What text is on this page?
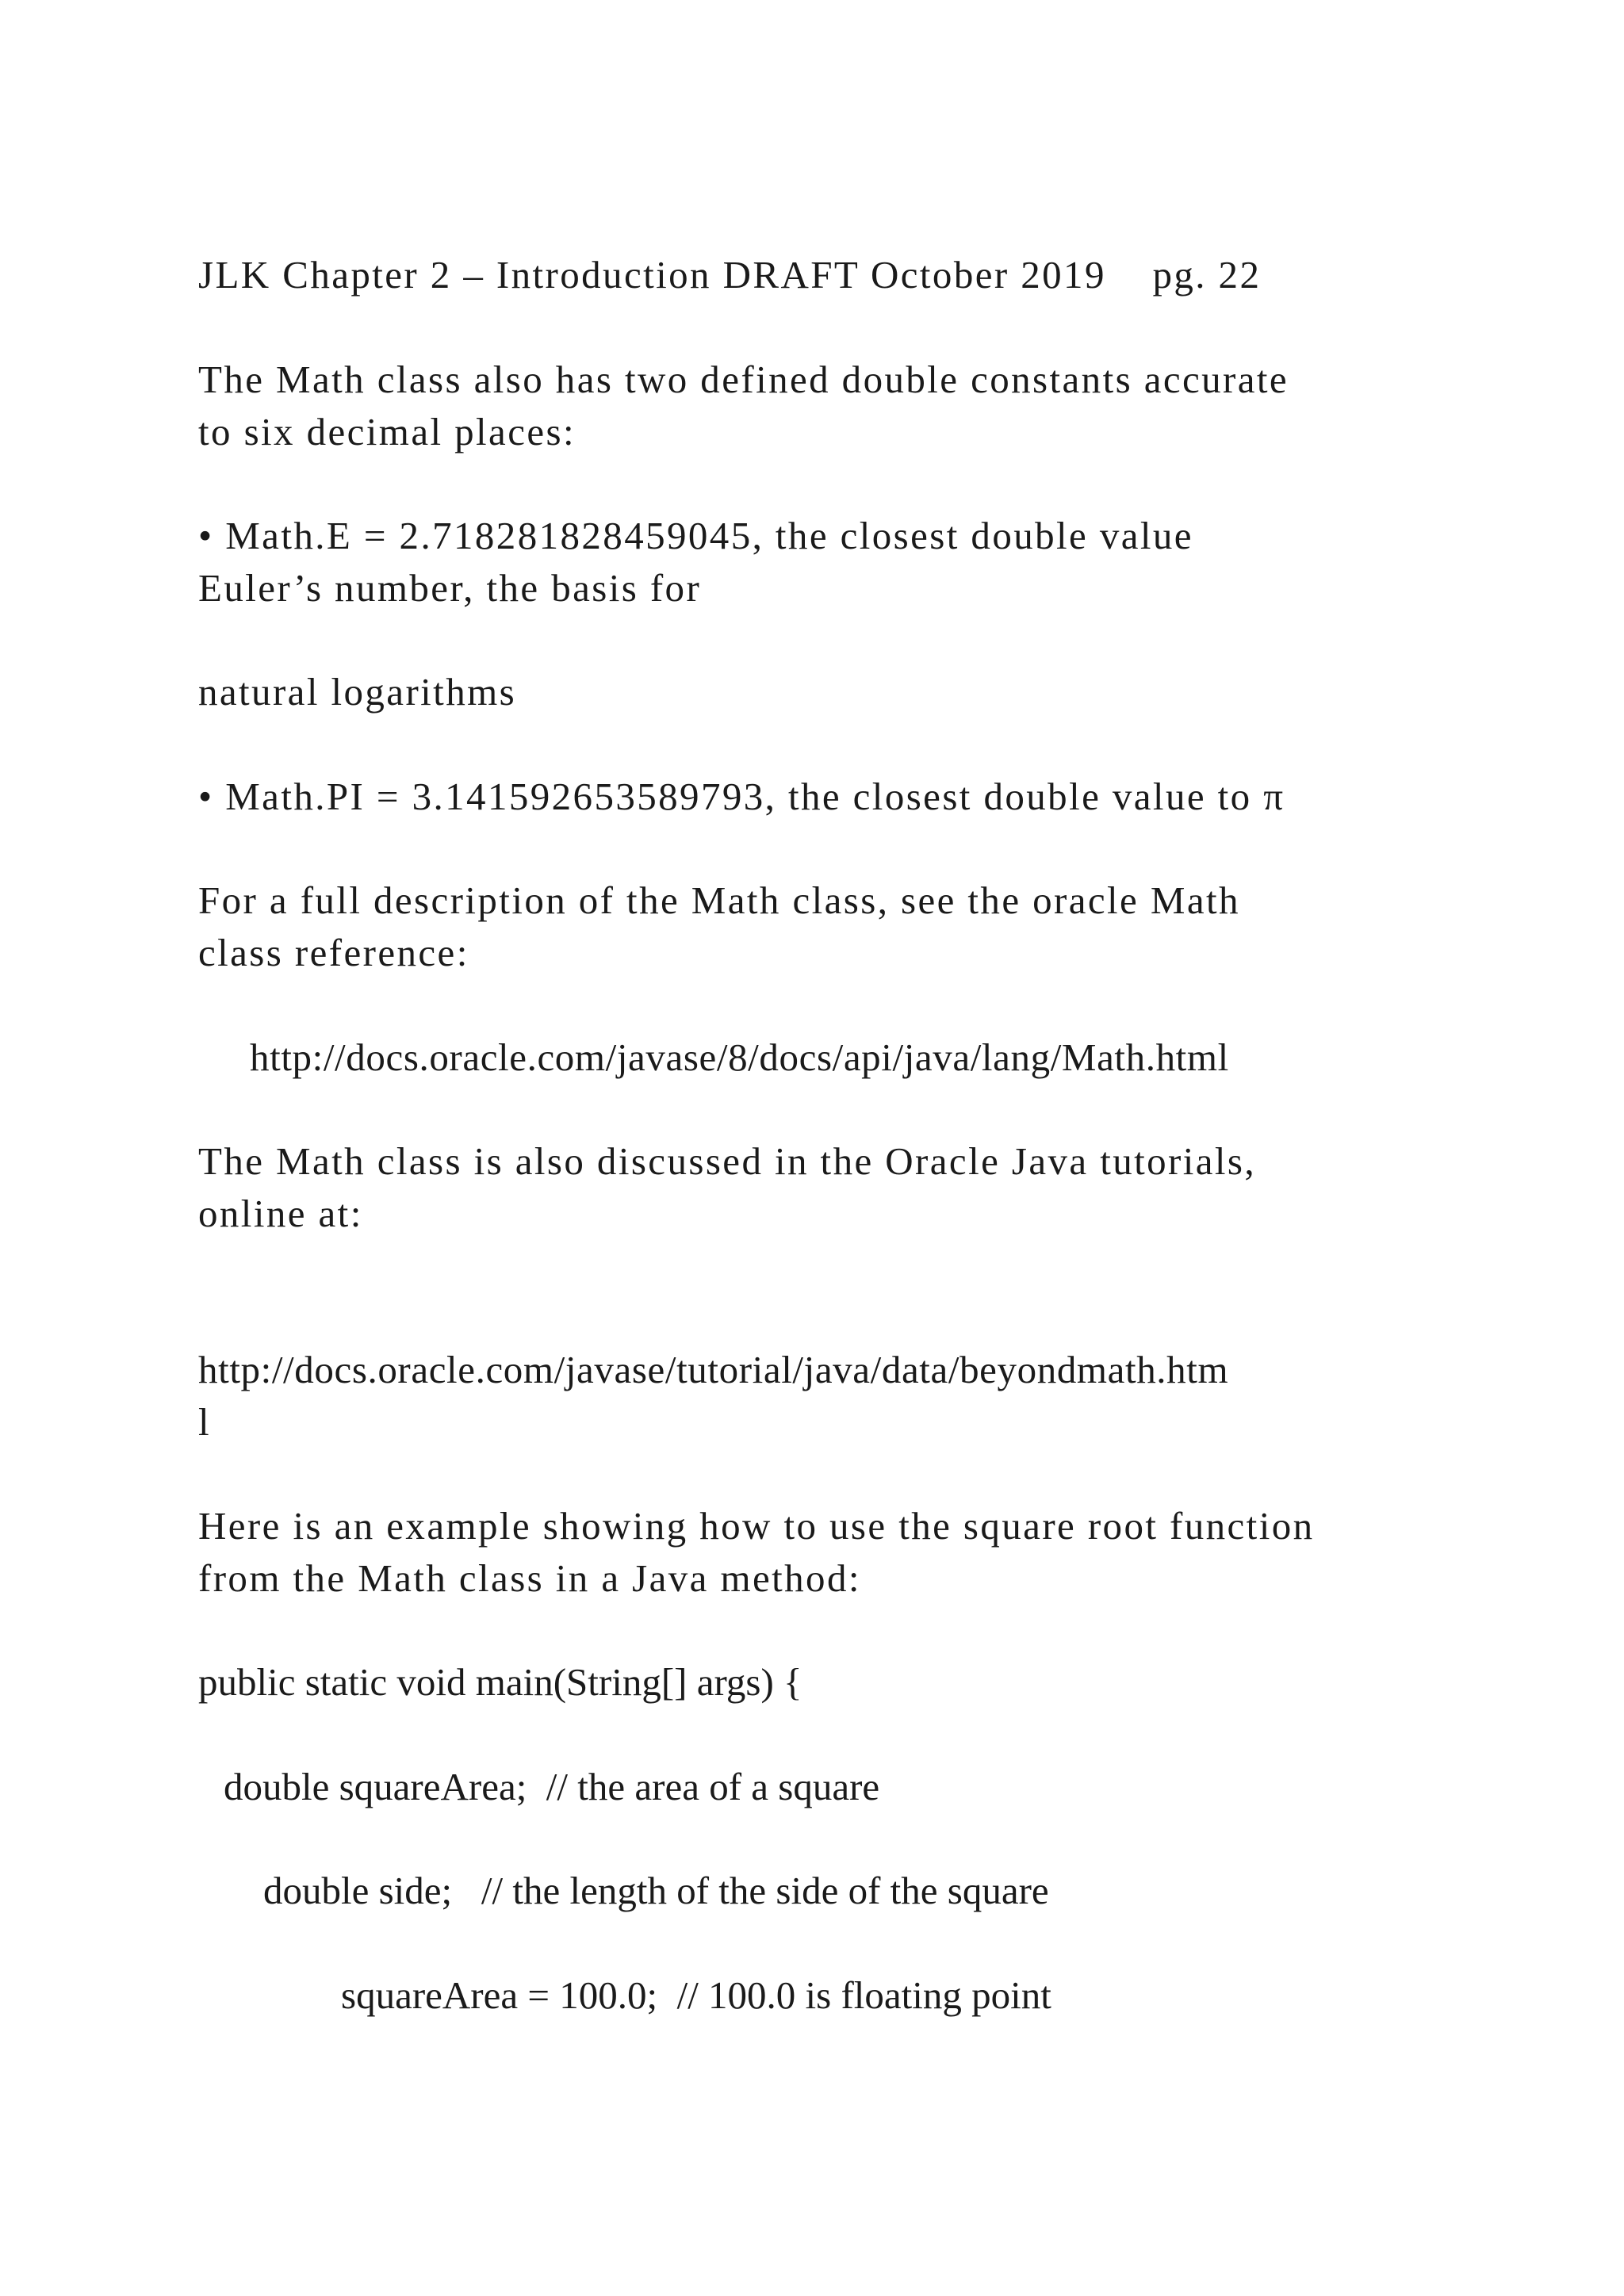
JLK Chapter 2 – Introduction DRAFT October 2019 pg. 22
The Math class also has two defined double constants accurate
to six decimal places:
• Math.E = 2.718281828459045, the closest double value
Euler’s number, the basis for
natural logarithms
• Math.PI = 3.141592653589793, the closest double value to π
For a full description of the Math class, see the oracle Math
class reference:
http://docs.oracle.com/javase/8/docs/api/java/lang/Math.html
The Math class is also discussed in the Oracle Java tutorials,
online at:
http://docs.oracle.com/javase/tutorial/java/data/beyondmath.htm
l
Here is an example showing how to use the square root function
from the Math class in a Java method:
public static void main(String[] args) {
double squareArea;  // the area of a square
double side;   // the length of the side of the square
squareArea = 100.0;  // 100.0 is floating point
